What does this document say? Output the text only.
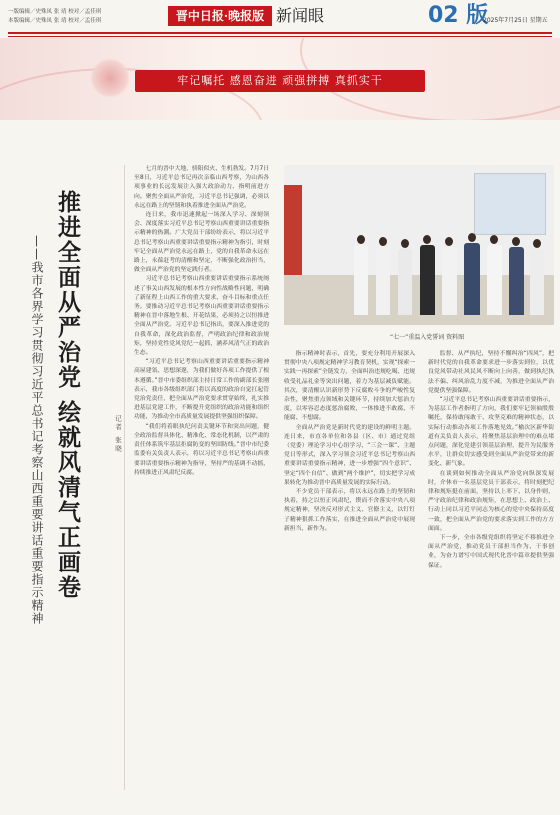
一版编辑／史殊凤 张 靖 校对／孟佳琪
本版编辑／史殊凤 张 靖 校对／孟佳琪	晋中日报·晚报版 新闻眼	02 版
2025年7月25日 星期五
牢记嘱托 感恩奋进 顽强拼搏 真抓实干
推进全面从严治党 绘就风清气正画卷
——我市各界学习贯彻习近平总书记考察山西重要讲话重要指示精神	记者 张晓

七月的晋中大地，骄阳似火、生机勃发。7月7日至8日，习近平总书记再次亲临山西考察，为山西各项事业的长远发展注入强大政治动力、指明前进方向。聚焦全面从严治党，习近平总书记强调，必须以永远在路上的坚韧和执着推进全面从严治党。

连日来，我市迅速掀起一场深入学习、深刻领会、深度落实习近平总书记考察山西重要讲话重要指示精神的热潮。广大党员干部纷纷表示，将以习近平总书记考察山西重要讲话重要指示精神为指引，时刻牢记全面从严治党永远在路上，党的自我革命永远在路上，永葆赶考的清醒和坚定，不断强化政治担当，做全面从严治党的坚定践行者。

习近平总书记考察山西重要讲话重要指示系统阐述了事关山西发展的根本性方向性战略性问题，明确了新征程上山西工作的重大要求、奋斗目标和重点任务。要推动习近平总书记考察山西重要讲话重要指示精神在晋中落地生根、开花结果，必须持之以恒推进全面从严治党。习近平总书记指出，要深入推进党的自我革命，深化政治监督，严明政治纪律和政治规矩，坚持党性党风党纪一起抓，涵养风清气正的政治生态。

“习近平总书记考察山西重要讲话重要指示精神高屋建瓴、思想深邃，为我们做好各项工作提供了根本遵循。”晋中市委组织部主持日常工作的副部长张刚表示，我市各级组织部门将以高度的政治自觉扛起管党治党责任，把全面从严治党要求贯穿始终，扎实推进基层党建工作，不断提升党组织的政治功能和组织功能，为推动全市高质量发展提供坚强组织保障。

“我们将着眼执纪问责关键环节和突出问题，健全政治监督具体化、精准化、常态化机制，以严肃的责任体系筑牢基层拒腐防变的坚固防线。”晋中市纪委监委有关负责人表示，将以习近平总书记考察山西重要讲话重要指示精神为指导，坚持严的基调不动摇，持续推进正风肃纪反腐。

“七一”重温入党誓词 资料图

指示精神时表示，首先，要充分利用开展深入贯彻中央八项规定精神学习教育契机，实现“探索一实践一再探索”全链发力，全面纠治违规吃喝、违规收受礼品礼金等突出问题，着力为基层减负赋能。其次，要清醒认识新形势下反腐败斗争的严峻性复杂性，聚焦重点领域和关键环节，持续加大惩治力度，以零容忍态度惩治腐败，一体推进不敢腐、不能腐、不想腐。

全面从严治党是新时代党的建设的鲜明主题。连日来，市直各单位和各县（区、市）通过党组（党委）理论学习中心组学习、“三会一课”、主题党日等形式，深入学习领会习近平总书记考察山西重要讲话重要指示精神，进一步增强“四个意识”、坚定“四个自信”、做到“两个维护”，切实把学习成果转化为推动晋中高质量发展的实际行动。

不少党员干部表示，将以永远在路上的坚韧和执着，持之以恒正风肃纪，锲而不舍落实中央八项规定精神，坚决反对形式主义、官僚主义，以钉钉子精神狠抓工作落实，在推进全面从严治党中展现新担当、新作为。

监督、从严执纪，坚持不懈纠治“四风”，把新时代党的自我革命要求进一步落实到位，以优良党风带动社风民风不断向上向善，做到执纪执法不偏、纠风治乱力度不减，为推进全面从严治党提供坚强保障。

“习近平总书记考察山西重要讲话重要指示，为基层工作者指明了方向，我们要牢记领袖殷殷嘱托，保持敢闯敢干、攻坚克难的精神状态，以实际行动推动各项工作落地见效。”榆次区新华街道有关负责人表示，将聚焦基层治理中的难点堵点问题，深化党建引领基层治理，提升为民服务水平，让群众切实感受到全面从严治党带来的新变化、新气象。

在谈到如何推动全面从严治党向纵深发展时，介休市一名基层党员干部表示，将时刻把纪律和规矩挺在前面，坚持以上率下、以身作则，严守政治纪律和政治规矩，在思想上、政治上、行动上同以习近平同志为核心的党中央保持高度一致，把全面从严治党的要求落实到工作的方方面面。

下一步，全市各级党组织将坚定不移推进全面从严治党，推动党员干部担当作为、干事创业，为奋力谱写中国式现代化晋中篇章提供坚强保证。
